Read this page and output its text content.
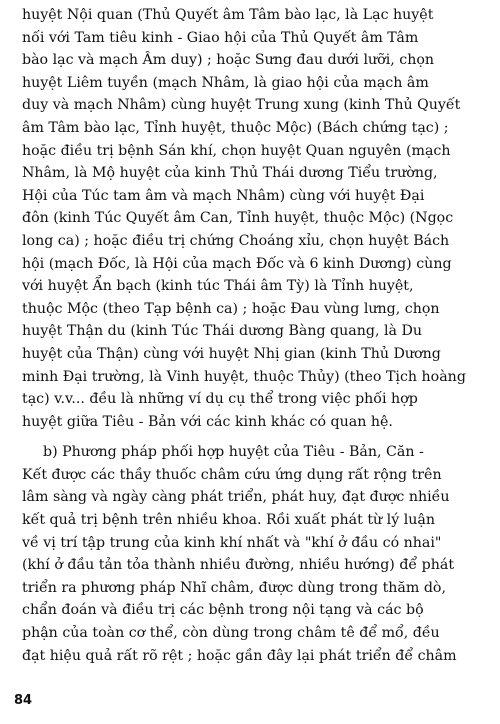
huyệt Nội quan (Thủ Quyết âm Tâm bào lạc, là Lạc huyệt
nối với Tam tiêu kinh - Giao hội của Thủ Quyết âm Tâm
bào lạc và mạch Âm duy) ; hoặc Sưng đau dưới lưỡi, chọn
huyệt Liêm tuyền (mạch Nhâm, là giao hội của mạch âm
duy và mạch Nhâm) cùng huyệt Trung xung (kinh Thủ Quyết
âm Tâm bào lạc, Tỉnh huyệt, thuộc Mộc) (Bách chứng tạc) ;
hoặc điều trị bệnh Sán khí, chọn huyệt Quan nguyên (mạch
Nhâm, là Mộ huyệt của kinh Thủ Thái dương Tiểu trường,
Hội của Túc tam âm và mạch Nhâm) cùng với huyệt Đại
đôn (kinh Túc Quyết âm Can, Tỉnh huyệt, thuộc Mộc) (Ngọc
long ca) ; hoặc điều trị chứng Choáng xỉu, chọn huyệt Bách
hội (mạch Đốc, là Hội của mạch Đốc và 6 kinh Dương) cùng
với huyệt Ẩn bạch (kinh túc Thái âm Tỳ) là Tỉnh huyệt,
thuộc Mộc (theo Tạp bệnh ca) ; hoặc Đau vùng lưng, chọn
huyệt Thận du (kinh Túc Thái dương Bàng quang, là Du
huyệt của Thận) cùng với huyệt Nhị gian (kinh Thủ Dương
minh Đại trường, là Vinh huyệt, thuộc Thủy) (theo Tịch hoàng
tạc) v.v... đều là những ví dụ cụ thể trong việc phối hợp
huyệt giữa Tiêu - Bản với các kinh khác có quan hệ.
b) Phương pháp phối hợp huyệt của Tiêu - Bản, Căn -
Kết được các thầy thuốc châm cứu ứng dụng rất rộng trên
lâm sàng và ngày càng phát triển, phát huy, đạt được nhiều
kết quả trị bệnh trên nhiều khoa. Rồi xuất phát từ lý luận
về vị trí tập trung của kinh khí nhất và "khí ở đầu có nhai"
(khí ở đầu tản tỏa thành nhiều đường, nhiều hướng) để phát
triển ra phương pháp Nhĩ châm, được dùng trong thăm dò,
chẩn đoán và điều trị các bệnh trong nội tạng và các bộ
phận của toàn cơ thể, còn dùng trong châm tê để mổ, đều
đạt hiệu quả rất rõ rệt ; hoặc gần đây lại phát triển để châm
84
